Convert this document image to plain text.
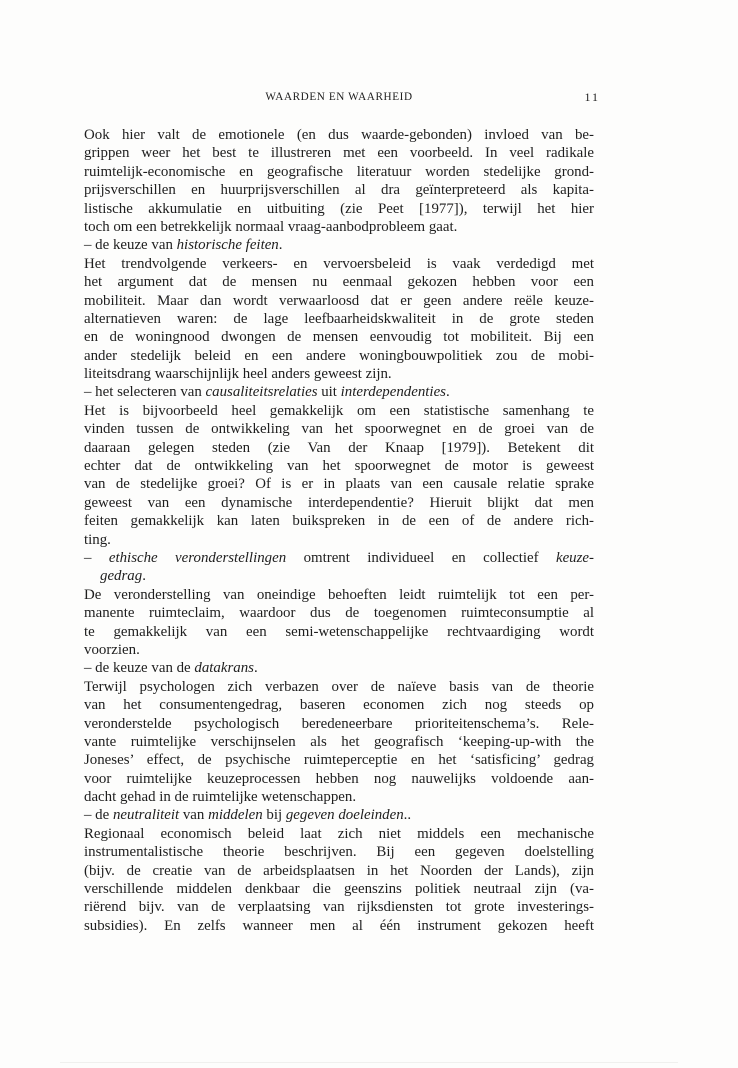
WAARDEN EN WAARHEID	11
Ook hier valt de emotionele (en dus waarde-gebonden) invloed van be-
grippen weer het best te illustreren met een voorbeeld. In veel radikale
ruimtelijk-economische en geografische literatuur worden stedelijke grond-
prijsverschillen en huurprijsverschillen al dra geïnterpreteerd als kapita-
listische akkumulatie en uitbuiting (zie Peet [1977]), terwijl het hier
toch om een betrekkelijk normaal vraag-aanbodprobleem gaat.
– de keuze van historische feiten.
Het trendvolgende verkeers- en vervoersbeleid is vaak verdedigd met
het argument dat de mensen nu eenmaal gekozen hebben voor een
mobiliteit. Maar dan wordt verwaarloosd dat er geen andere reële keuze-
alternatieven waren: de lage leefbaarheidskwaliteit in de grote steden
en de woningnood dwongen de mensen eenvoudig tot mobiliteit. Bij een
ander stedelijk beleid en een andere woningbouwpolitiek zou de mobi-
liteitsdrang waarschijnlijk heel anders geweest zijn.
– het selecteren van causaliteitsrelaties uit interdependenties.
Het is bijvoorbeeld heel gemakkelijk om een statistische samenhang te
vinden tussen de ontwikkeling van het spoorwegnet en de groei van de
daaraan gelegen steden (zie Van der Knaap [1979]). Betekent dit
echter dat de ontwikkeling van het spoorwegnet de motor is geweest
van de stedelijke groei? Of is er in plaats van een causale relatie sprake
geweest van een dynamische interdependentie? Hieruit blijkt dat men
feiten gemakkelijk kan laten buikspreken in de een of de andere rich-
ting.
– ethische veronderstellingen omtrent individueel en collectief keuze-
gedrag.
De veronderstelling van oneindige behoeften leidt ruimtelijk tot een per-
manente ruimteclaim, waardoor dus de toegenomen ruimteconsumptie al
te gemakkelijk van een semi-wetenschappelijke rechtvaardiging wordt
voorzien.
– de keuze van de datakrans.
Terwijl psychologen zich verbazen over de naïeve basis van de theorie
van het consumentengedrag, baseren economen zich nog steeds op
veronderstelde psychologisch beredeneerbare prioriteitenschema’s. Rele-
vante ruimtelijke verschijnselen als het geografisch ‘keeping-up-with the
Joneses’ effect, de psychische ruimteperceptie en het ‘satisficing’ gedrag
voor ruimtelijke keuzeprocessen hebben nog nauwelijks voldoende aan-
dacht gehad in de ruimtelijke wetenschappen.
– de neutraliteit van middelen bij gegeven doeleinden..
Regionaal economisch beleid laat zich niet middels een mechanische
instrumentalistische theorie beschrijven. Bij een gegeven doelstelling
(bijv. de creatie van de arbeidsplaatsen in het Noorden der Lands), zijn
verschillende middelen denkbaar die geenszins politiek neutraal zijn (va-
riërend bijv. van de verplaatsing van rijksdiensten tot grote investerings-
subsidies). En zelfs wanneer men al één instrument gekozen heeft
